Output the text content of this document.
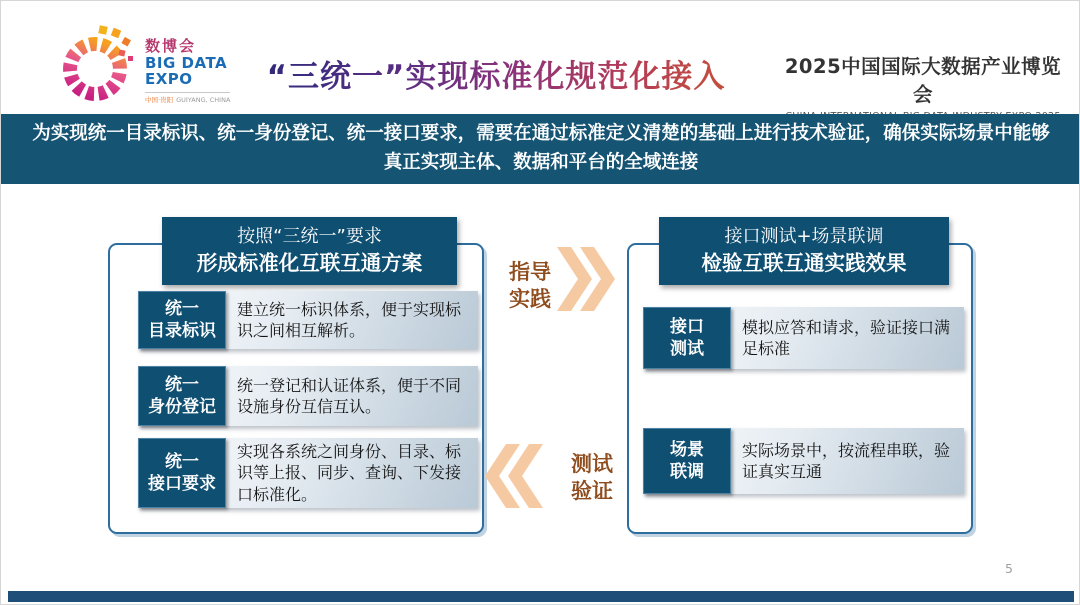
数博会
BIG DATA
EXPO
中国·贵阳 GUIYANG, CHINA
“三统一”实现标准化规范化接入	2025中国国际大数据产业博览会

为实现统一目录标识、统一身份登记、统一接口要求，需要在通过标准定义清楚的基础上进行技术验证，确保实际场景中能够真正实现主体、数据和平台的全域连接

按照“三统一”要求
形成标准化互联互通方案
统一
目录标识
建立统一标识体系，便于实现标识之间相互解析。
统一
身份登记
统一登记和认证体系，便于不同设施身份互信互认。
统一
接口要求
实现各系统之间身份、目录、标识等上报、同步、查询、下发接口标准化。
指导
实践
测试
验证
接口测试+场景联调
检验互联互通实践效果
接口
测试
模拟应答和请求，验证接口满足标准
场景
联调
实际场景中，按流程串联，验证真实互通
5
